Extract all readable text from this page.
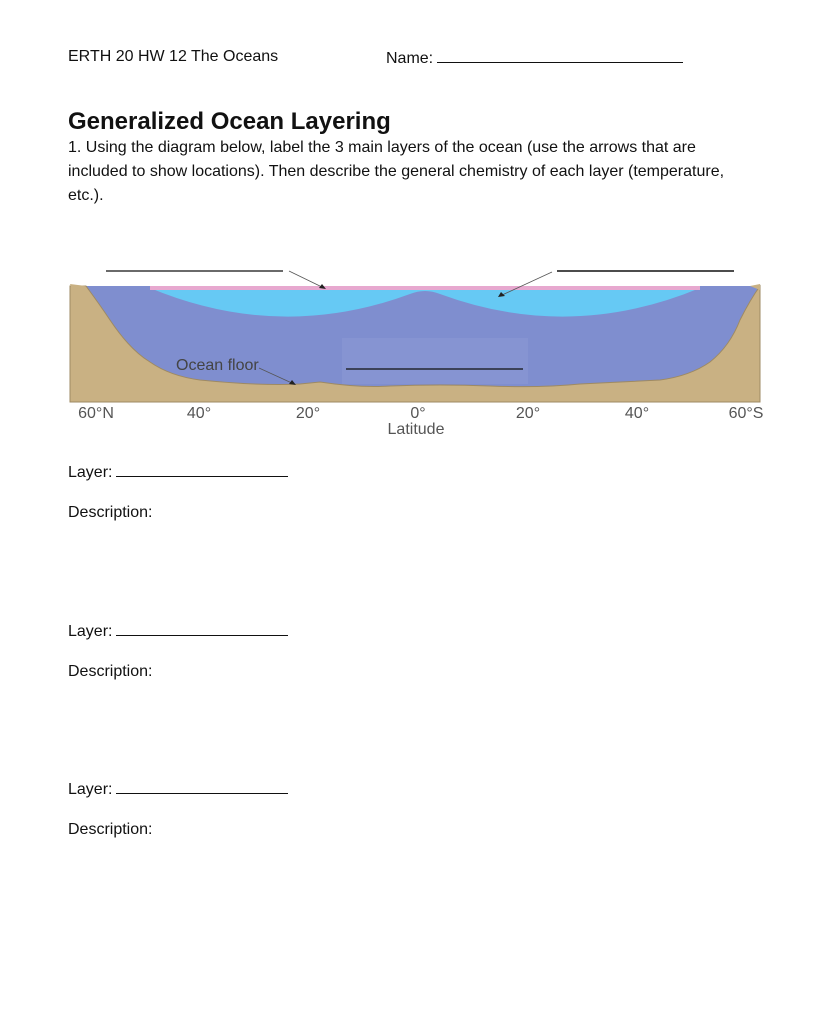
ERTH 20 HW 12 The Oceans	Name:
Generalized Ocean Layering

1. Using the diagram below, label the 3 main layers of the ocean (use the arrows that are included to show locations). Then describe the general chemistry of each layer (temperature, etc.).

Ocean floor
60°N	40°	20°	0°	20°	40°	60°S
Latitude
Layer:
Description:
Layer:
Description:
Layer:
Description:
